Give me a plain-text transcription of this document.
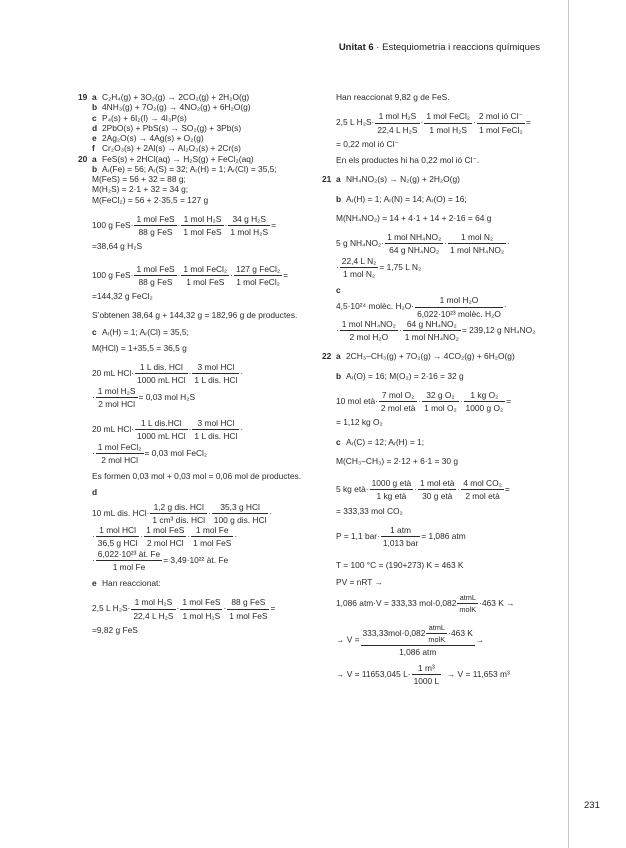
Unitat 6 · Estequiometria i reaccions químiques

19 a C₂H₄(g) + 3O₂(g) → 2CO₂(g) + 2H₂O(g)

b 4NH₃(g) + 7O₂(g) → 4NO₂(g) + 6H₂O(g)

c P₄(s) + 6I₂(l) → 4I₃P(s)

d 2PbO(s) + PbS(s) → SO₂(g) + 3Pb(s)

e 2Ag₂O(s) → 4Ag(s) + O₂(g)

f Cr₂O₃(s) + 2Al(s) → Al₂O₃(s) + 2Cr(s)

20 a FeS(s) + 2HCl(aq) → H₂S(g) + FeCl₂(aq)

b Aᵣ(Fe) = 56; Aᵣ(S) = 32; Aᵣ(H) = 1; Aᵣ(Cl) = 35,5;

M(FeS) = 56 + 32 = 88 g;

M(H₂S) = 2·1 + 32 = 34 g;

M(FeCl₂) = 56 + 2·35,5 = 127 g

100 g FeS·
1 mol FeS
88 g FeS
·
1 mol H₂S
1 mol FeS
·
34 g H₂S
1 mol H₂S
=

=38,64 g H₂S

100 g FeS·
1 mol FeS
88 g FeS
·
1 mol FeCl₂
1 mol FeS
·
127 g FeCl₂
1 mol FeCl₂
=

=144,32 g FeCl₂

S’obtenen 38,64 g + 144,32 g = 182,96 g de productes.

c Aᵣ(H) = 1; Aᵣ(Cl) = 35,5;

M(HCl) = 1+35,5 = 36,5 g

20 mL HCl·
1 L dis. HCl
1000 mL HCl
·
3 mol HCl
1 L dis. HCl
·

·
1 mol H₂S
2 mol HCl
= 0,03 mol H₂S

20 mL HCl·
1 L dis.HCl
1000 mL HCl
·
3 mol HCl
1 L dis. HCl
·

·
1 mol FeCl₂
2 mol HCl
= 0,03 mol FeCl₂

Es formen 0,03 mol + 0,03 mol = 0,06 mol de productes.

d

10 mL dis. HCl·
1,2 g dis. HCl
1 cm³ dis. HCl
·
35,3 g HCl
100 g dis. HCl
·

·
1 mol HCl
36,5 g HCl
·
1 mol FeS
2 mol HCl
·
1 mol Fe
1 mol FeS
·

·
6,022·10²³ àt. Fe
1 mol Fe
= 3,49·10²² àt. Fe

e Han reaccionat:

2,5 L H₂S·
1 mol H₂S
22,4 L H₂S
·
1 mol FeS
1 mol H₂S
·
88 g FeS
1 mol FeS
=

=9,82 g FeS

Han reaccionat 9,82 g de FeS.

2,5 L H₂S·
1 mol H₂S
22,4 L H₂S
·
1 mol FeCl₂
1 mol H₂S
·
2 mol ió Cl⁻
1 mol FeCl₂
=

= 0,22 mol ió Cl⁻

En els productes hi ha 0,22 mol ió Cl⁻.

21 a NH₄NO₂(s) → N₂(g) + 2H₂O(g)

b Aᵣ(H) = 1; Aᵣ(N) = 14; Aᵣ(O) = 16;

M(NH₄NO₂) = 14 + 4·1 + 14 + 2·16 = 64 g

5 g NH₄NO₂·
1 mol NH₄NO₂
64 g NH₄NO₂
·
1 mol N₂
1 mol NH₄NO₂
·

·
22,4 L N₂
1 mol N₂
= 1,75 L N₂

c

4,5·10²⁴ molèc. H₂O·
1 mol H₂O
6,022·10²³ molèc. H₂O
·

·
1 mol NH₄NO₂
2 mol H₂O
·
64 g NH₄NO₂
1 mol NH₄NO₂
= 239,12 g NH₄NO₂

22 a 2CH₃–CH₃(g) + 7O₂(g) → 4CO₂(g) + 6H₂O(g)

b Aᵣ(O) = 16; M(O₂) = 2·16 = 32 g

10 mol età·
7 mol O₂
2 mol età
·
32 g O₂
1 mol O₂
· $\frac{\text{1 kg O₂}}{\text{1000 g O₂}}$ =

= 1,12 kg O₂

c Aᵣ(C) = 12; Aᵣ(H) = 1;

M(CH₃–CH₃) = 2·12 + 6·1 = 30 g

5 kg età·
1000 g età
1 kg età
·
1 mol età
30 g età
·
4 mol CO₂
2 mol età
=

= 333,33 mol CO₂

P = 1,1 bar·
1 atm
1,013 bar
= 1,086 atm

T = 100 °C = (190+273) K = 463 K

PV = nRT →

1,086 atm·V = 333,33 mol·0,082
atmL
molK
·463 K →

→ V =
333,33mol·0,082
atmL
molK
·463 K
1,086 atm
→

→ V = 11653,045 $L\cdot \frac{\text{1 m³}}{1000 L} \to V = 11,653$ m³

231
